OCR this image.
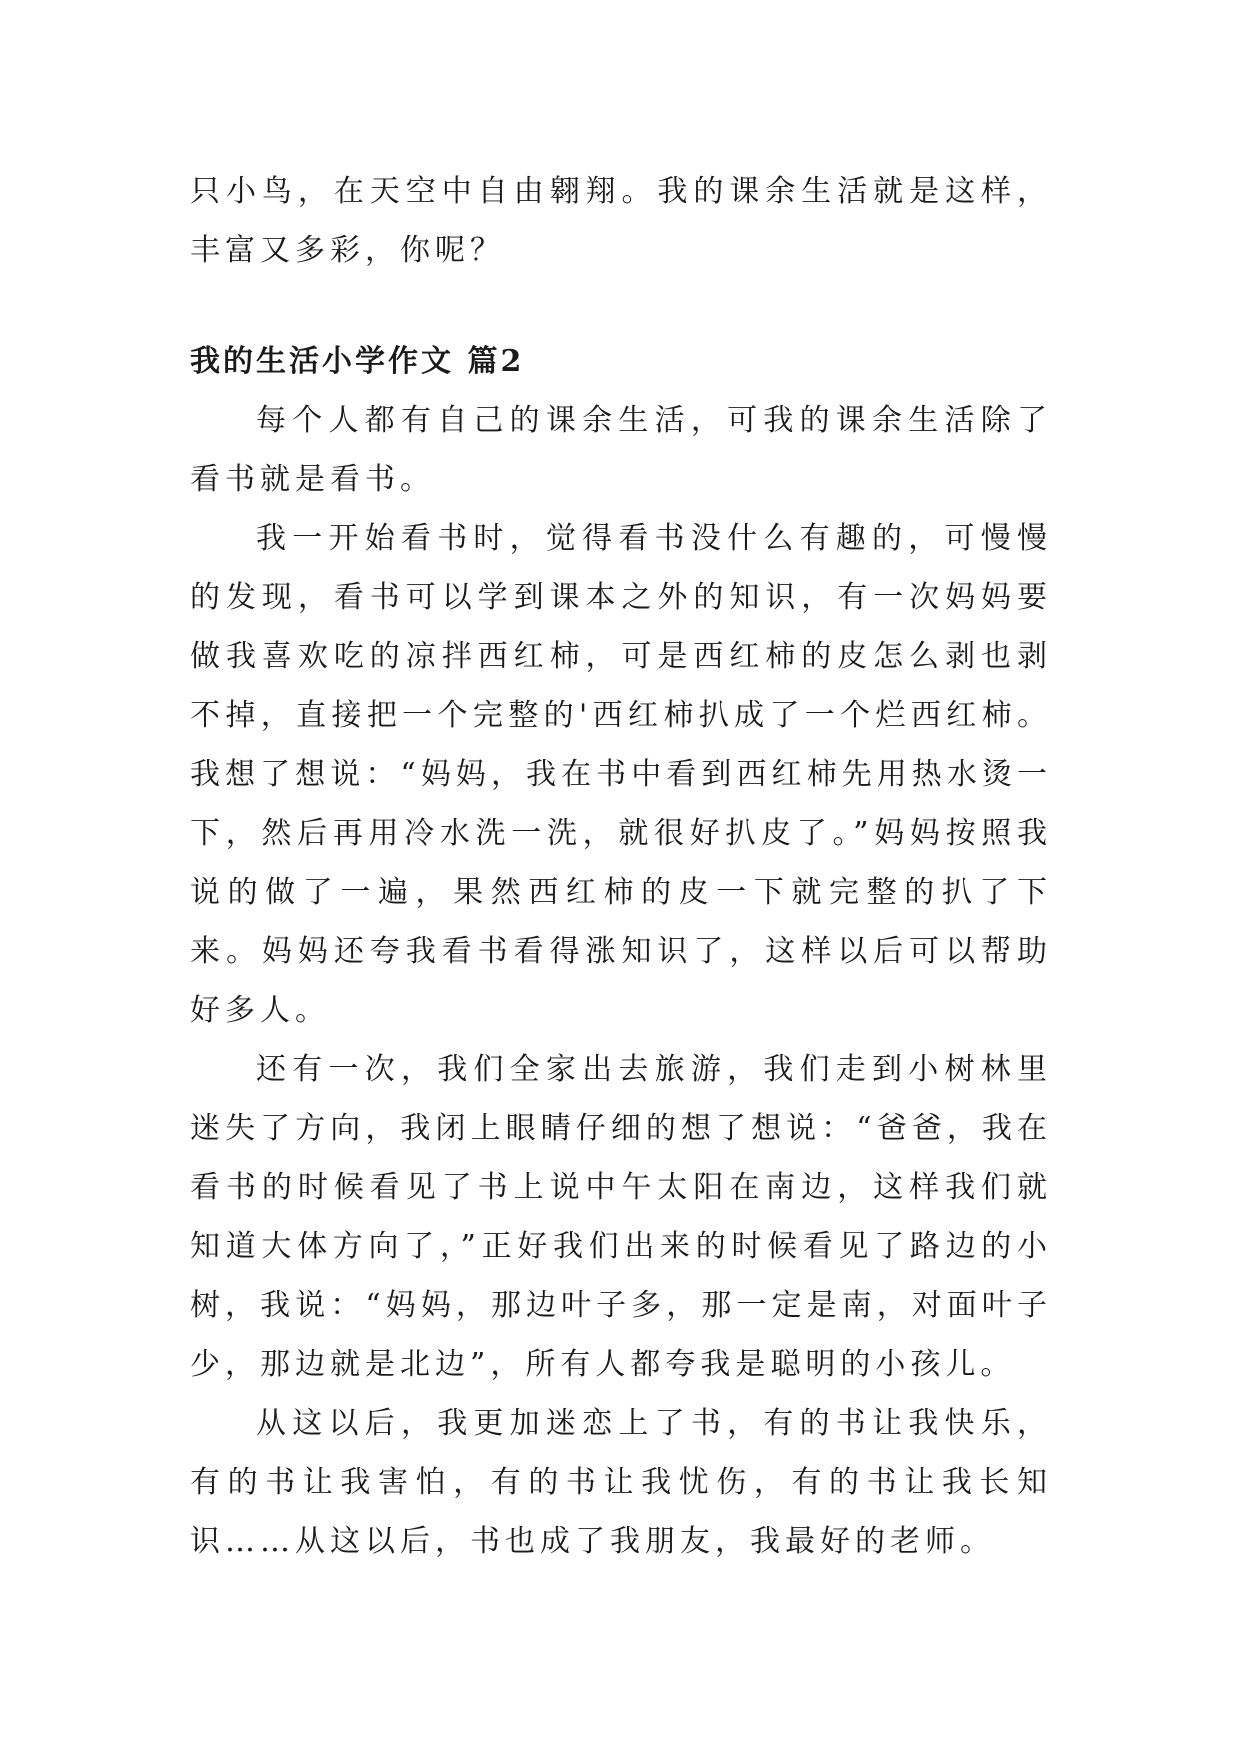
只小鸟，在天空中自由翱翔。我的课余生活就是这样，丰富又多彩，你呢？

我的生活小学作文 篇2

每个人都有自己的课余生活，可我的课余生活除了看书就是看书。

我一开始看书时，觉得看书没什么有趣的，可慢慢的发现，看书可以学到课本之外的知识，有一次妈妈要做我喜欢吃的凉拌西红柿，可是西红柿的皮怎么剥也剥不掉，直接把一个完整的'西红柿扒成了一个烂西红柿。我想了想说：“妈妈，我在书中看到西红柿先用热水烫一下，然后再用冷水洗一洗，就很好扒皮了。”妈妈按照我说的做了一遍，果然西红柿的皮一下就完整的扒了下来。妈妈还夸我看书看得涨知识了，这样以后可以帮助好多人。

还有一次，我们全家出去旅游，我们走到小树林里迷失了方向，我闭上眼睛仔细的想了想说：“爸爸，我在看书的时候看见了书上说中午太阳在南边，这样我们就知道大体方向了，”正好我们出来的时候看见了路边的小树，我说：“妈妈，那边叶子多，那一定是南，对面叶子少，那边就是北边”，所有人都夸我是聪明的小孩儿。

从这以后，我更加迷恋上了书，有的书让我快乐，有的书让我害怕，有的书让我忧伤，有的书让我长知识……从这以后，书也成了我朋友，我最好的老师。
